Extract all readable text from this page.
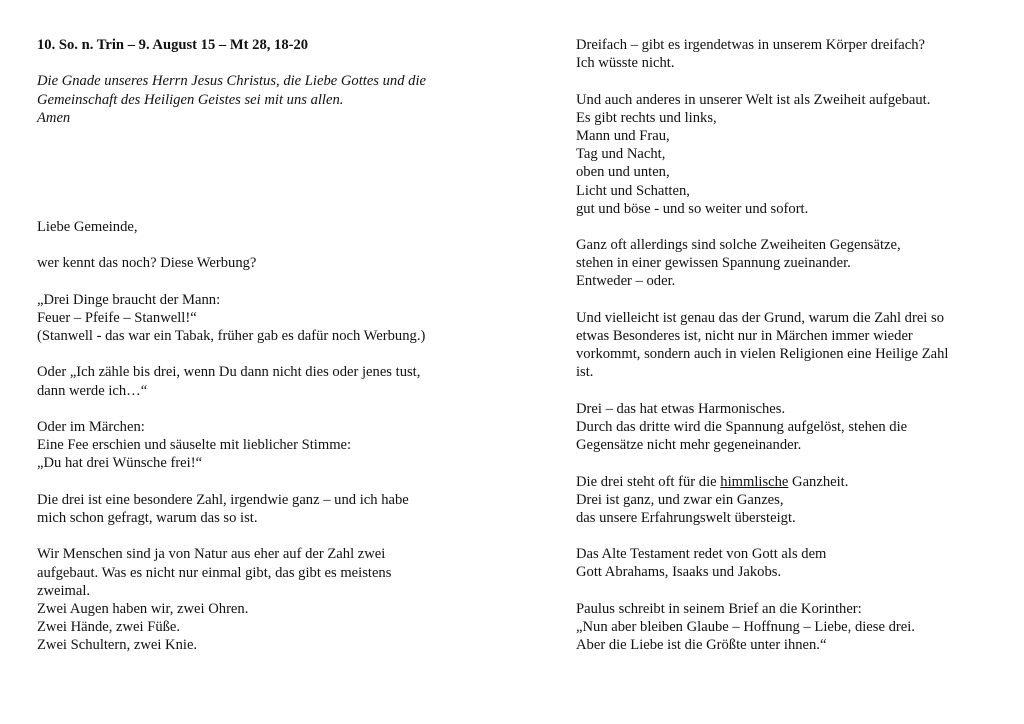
10. So. n. Trin – 9. August 15 – Mt 28, 18-20
Die Gnade unseres Herrn Jesus Christus, die Liebe Gottes und die
Gemeinschaft des Heiligen Geistes sei mit uns allen.
Amen
Liebe Gemeinde,
wer kennt das noch? Diese Werbung?
„Drei Dinge braucht der Mann:
Feuer – Pfeife – Stanwell!“
(Stanwell - das war ein Tabak, früher gab es dafür noch Werbung.)
Oder „Ich zähle bis drei, wenn Du dann nicht dies oder jenes tust,
dann werde ich…“
Oder im Märchen:
Eine Fee erschien und säuselte mit lieblicher Stimme:
„Du hat drei Wünsche frei!“
Die drei ist eine besondere Zahl, irgendwie ganz – und ich habe
mich schon gefragt, warum das so ist.
Wir Menschen sind ja von Natur aus eher auf der Zahl zwei
aufgebaut. Was es nicht nur einmal gibt, das gibt es meistens
zweimal.
Zwei Augen haben wir, zwei Ohren.
Zwei Hände, zwei Füße.
Zwei Schultern, zwei Knie.
Dreifach – gibt es irgendetwas in unserem Körper dreifach?
Ich wüsste nicht.
Und auch anderes in unserer Welt ist als Zweiheit aufgebaut.
Es gibt rechts und links,
Mann und Frau,
Tag und Nacht,
oben und unten,
Licht und Schatten,
gut und böse - und so weiter und sofort.
Ganz oft allerdings sind solche Zweiheiten Gegensätze,
stehen in einer gewissen Spannung zueinander.
Entweder – oder.
Und vielleicht ist genau das der Grund, warum die Zahl drei so
etwas Besonderes ist, nicht nur in Märchen immer wieder
vorkommt, sondern auch in vielen Religionen eine Heilige Zahl
ist.
Drei – das hat etwas Harmonisches.
Durch das dritte wird die Spannung aufgelöst, stehen die
Gegensätze nicht mehr gegeneinander.
Die drei steht oft für die himmlische Ganzheit.
Drei ist ganz, und zwar ein Ganzes,
das unsere Erfahrungswelt übersteigt.
Das Alte Testament redet von Gott als dem
Gott Abrahams, Isaaks und Jakobs.
Paulus schreibt in seinem Brief an die Korinther:
„Nun aber bleiben Glaube – Hoffnung – Liebe, diese drei.
Aber die Liebe ist die Größte unter ihnen.“
